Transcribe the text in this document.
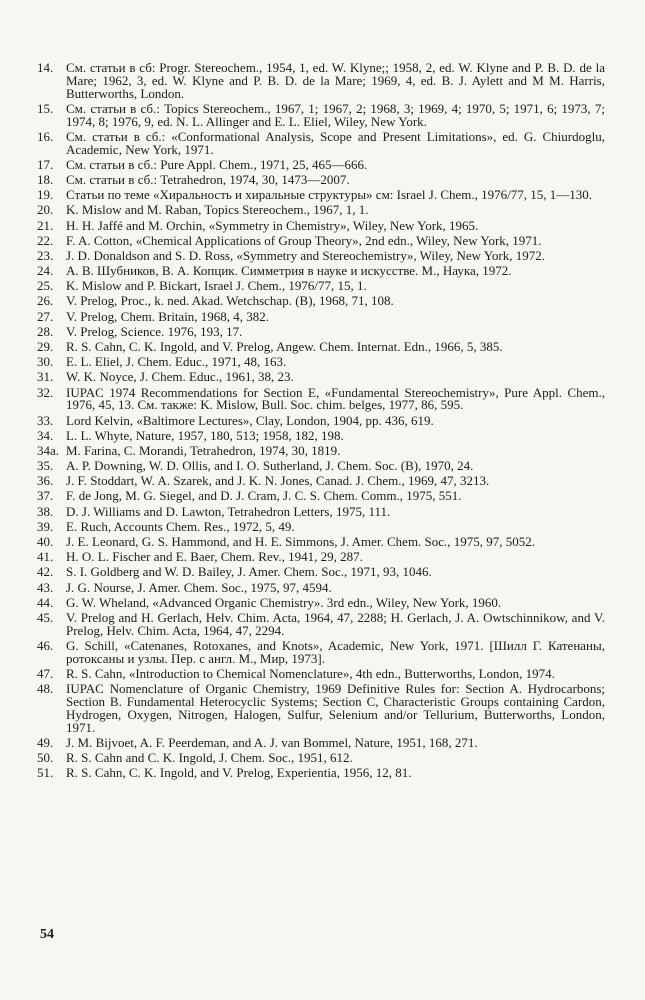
14. См. статьи в сб: Progr. Stereochem., 1954, 1, ed. W. Klyne;; 1958, 2, ed. W. Klyne and P. B. D. de la Mare; 1962, 3, ed. W. Klyne and P. B. D. de la Mare; 1969, 4, ed. B. J. Aylett and M M. Harris, Butterworths, London.
15. См. статьи в сб.: Topics Stereochem., 1967, 1; 1967, 2; 1968, 3; 1969, 4; 1970, 5; 1971, 6; 1973, 7; 1974, 8; 1976, 9, ed. N. L. Allinger and E. L. Eliel, Wiley, New York.
16. См. статьи в сб.: «Conformational Analysis, Scope and Present Limitations», ed. G. Chiurdoglu, Academic, New York, 1971.
17. См. статьи в сб.: Pure Appl. Chem., 1971, 25, 465—666.
18. См. статьи в сб.: Tetrahedron, 1974, 30, 1473—2007.
19. Статьи по теме «Хиральность и хиральные структуры» см: Israel J. Chem., 1976/77, 15, 1—130.
20. K. Mislow and M. Raban, Topics Stereochem., 1967, 1, 1.
21. H. H. Jaffé and M. Orchin, «Symmetry in Chemistry», Wiley, New York, 1965.
22. F. A. Cotton, «Chemical Applications of Group Theory», 2nd edn., Wiley, New York, 1971.
23. J. D. Donaldson and S. D. Ross, «Symmetry and Stereochemistry», Wiley, New York, 1972.
24. А. В. Шубников, В. А. Копцик. Симметрия в науке и искусстве. М., Наука, 1972.
25. K. Mislow and P. Bickart, Israel J. Chem., 1976/77, 15, 1.
26. V. Prelog, Proc., k. ned. Akad. Wetchschap. (B), 1968, 71, 108.
27. V. Prelog, Chem. Britain, 1968, 4, 382.
28. V. Prelog, Science. 1976, 193, 17.
29. R. S. Cahn, C. K. Ingold, and V. Prelog, Angew. Chem. Internat. Edn., 1966, 5, 385.
30. E. L. Eliel, J. Chem. Educ., 1971, 48, 163.
31. W. K. Noyce, J. Chem. Educ., 1961, 38, 23.
32. IUPAC 1974 Recommendations for Section E, «Fundamental Stereochemistry», Pure Appl. Chem., 1976, 45, 13. См. также: K. Mislow, Bull. Soc. chim. belges, 1977, 86, 595.
33. Lord Kelvin, «Baltimore Lectures», Clay, London, 1904, pp. 436, 619.
34. L. L. Whyte, Nature, 1957, 180, 513; 1958, 182, 198.
34a. M. Farina, C. Morandi, Tetrahedron, 1974, 30, 1819.
35. A. P. Downing, W. D. Ollis, and I. O. Sutherland, J. Chem. Soc. (B), 1970, 24.
36. J. F. Stoddart, W. A. Szarek, and J. K. N. Jones, Canad. J. Chem., 1969, 47, 3213.
37. F. de Jong, M. G. Siegel, and D. J. Cram, J. C. S. Chem. Comm., 1975, 551.
38. D. J. Williams and D. Lawton, Tetrahedron Letters, 1975, 111.
39. E. Ruch, Accounts Chem. Res., 1972, 5, 49.
40. J. E. Leonard, G. S. Hammond, and H. E. Simmons, J. Amer. Chem. Soc., 1975, 97, 5052.
41. H. O. L. Fischer and E. Baer, Chem. Rev., 1941, 29, 287.
42. S. I. Goldberg and W. D. Bailey, J. Amer. Chem. Soc., 1971, 93, 1046.
43. J. G. Nourse, J. Amer. Chem. Soc., 1975, 97, 4594.
44. G. W. Wheland, «Advanced Organic Chemistry». 3rd edn., Wiley, New York, 1960.
45. V. Prelog and H. Gerlach, Helv. Chim. Acta, 1964, 47, 2288; H. Gerlach, J. A. Owtschinnikow, and V. Prelog, Helv. Chim. Acta, 1964, 47, 2294.
46. G. Schill, «Catenanes, Rotoxanes, and Knots», Academic, New York, 1971. [Шилл Г. Катенаны, ротоксаны и узлы. Пер. с англ. М., Мир, 1973].
47. R. S. Cahn, «Introduction to Chemical Nomenclature», 4th edn., Butterworths, London, 1974.
48. IUPAC Nomenclature of Organic Chemistry, 1969 Definitive Rules for: Section A. Hydrocarbons; Section B. Fundamental Heterocyclic Systems; Section C, Characteristic Groups containing Cardon, Hydrogen, Oxygen, Nitrogen, Halogen, Sulfur, Selenium and/or Tellurium, Butterworths, London, 1971.
49. J. M. Bijvoet, A. F. Peerdeman, and A. J. van Bommel, Nature, 1951, 168, 271.
50. R. S. Cahn and C. K. Ingold, J. Chem. Soc., 1951, 612.
51. R. S. Cahn, C. K. Ingold, and V. Prelog, Experientia, 1956, 12, 81.
54
